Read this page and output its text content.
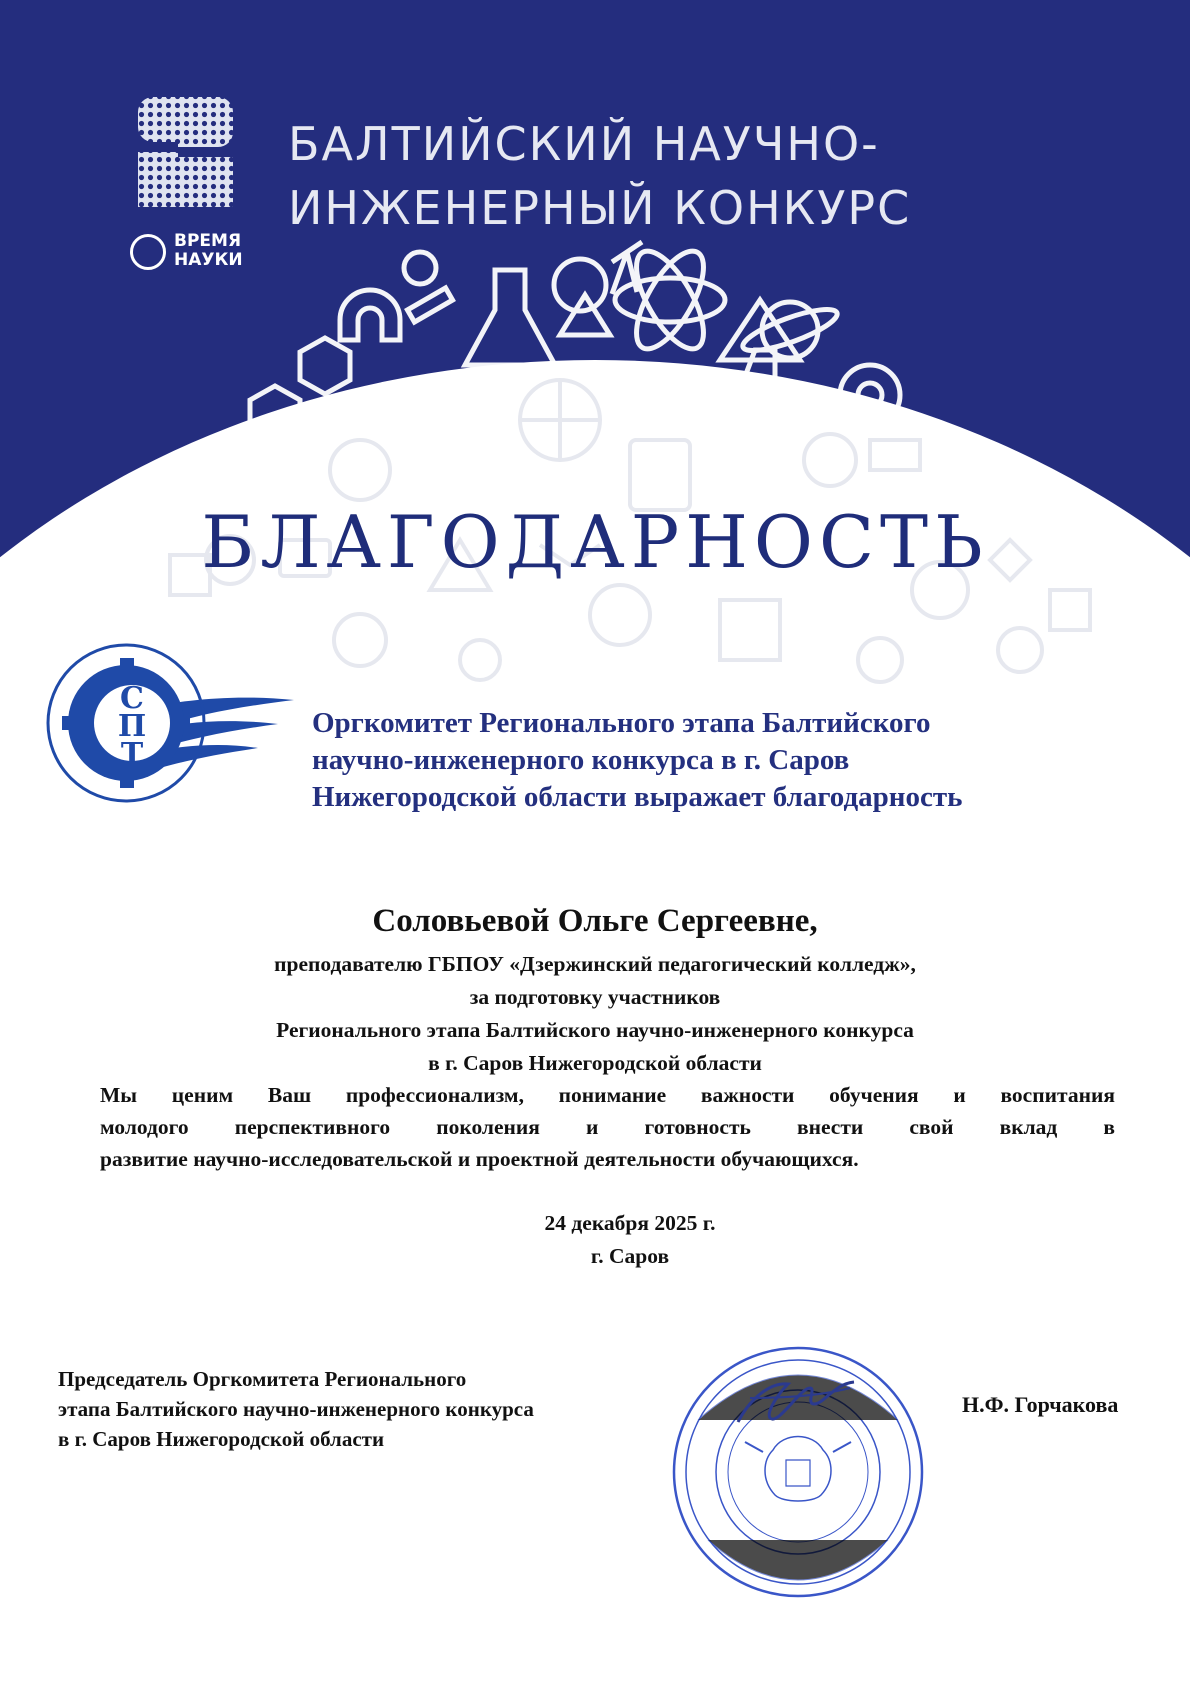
ВРЕМЯ
НАУКИ
БАЛТИЙСКИЙ НАУЧНО-
ИНЖЕНЕРНЫЙ КОНКУРС
БЛАГОДАРНОСТЬ
С
П
Т
Оргкомитет Регионального этапа Балтийского
научно-инженерного конкурса в г. Саров
Нижегородской области выражает благодарность
Соловьевой Ольге Сергеевне,
преподавателю ГБПОУ «Дзержинский педагогический колледж»,
за подготовку участников
Регионального этапа Балтийского научно-инженерного конкурса
в г. Саров Нижегородской области
Мы ценим Ваш профессионализм, понимание важности обучения и воспитания
молодого перспективного поколения и готовность внести свой вклад в
развитие научно-исследовательской и проектной деятельности обучающихся.
24 декабря 2025 г.
г. Саров
Председатель Оргкомитета Регионального
этапа Балтийского научно-инженерного конкурса
в г. Саров Нижегородской области
Н.Ф. Горчакова
